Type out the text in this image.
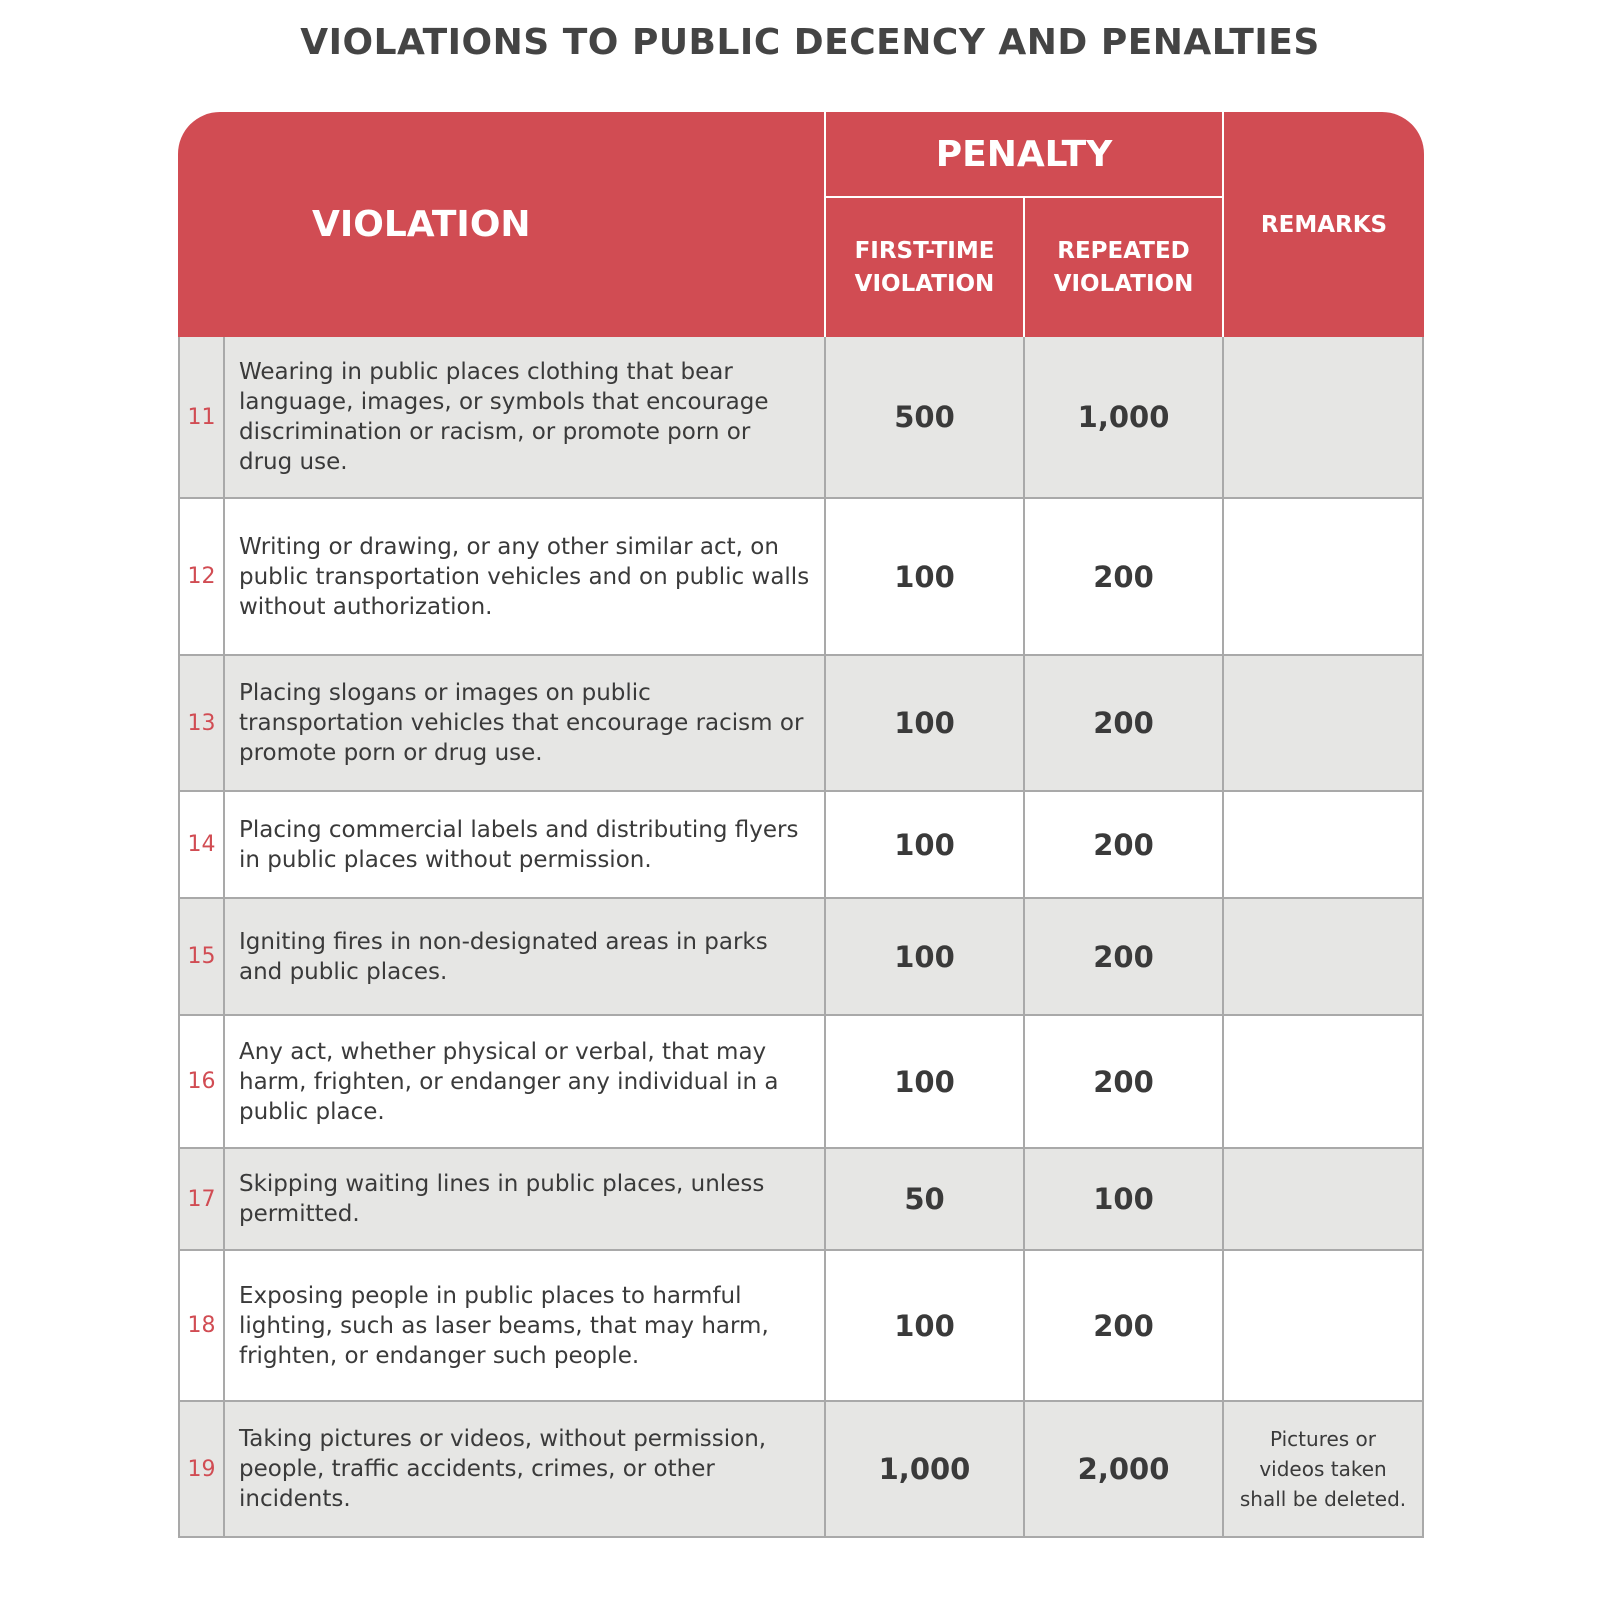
VIOLATIONS TO PUBLIC DECENCY AND PENALTIES
VIOLATION		PENALTY		REMARKS
		FIRST-TIME VIOLATION	REPEATED VIOLATION	
11	Wearing in public places clothing that bear language, images, or symbols that encourage discrimination or racism, or promote porn or drug use.	500	1,000	
12	Writing or drawing, or any other similar act, on public transportation vehicles and on public walls without authorization.	100	200	
13	Placing slogans or images on public transportation vehicles that encourage racism or promote porn or drug use.	100	200	
14	Placing commercial labels and distributing flyers in public places without permission.	100	200	
15	Igniting fires in non-designated areas in parks and public places.	100	200	
16	Any act, whether physical or verbal, that may harm, frighten, or endanger any individual in a public place.	100	200	
17	Skipping waiting lines in public places, unless permitted.	50	100	
18	Exposing people in public places to harmful lighting, such as laser beams, that may harm, frighten, or endanger such people.	100	200	
19	Taking pictures or videos, without permission, people, traffic accidents, crimes, or other incidents.	1,000	2,000	Pictures or videos taken shall be deleted.
